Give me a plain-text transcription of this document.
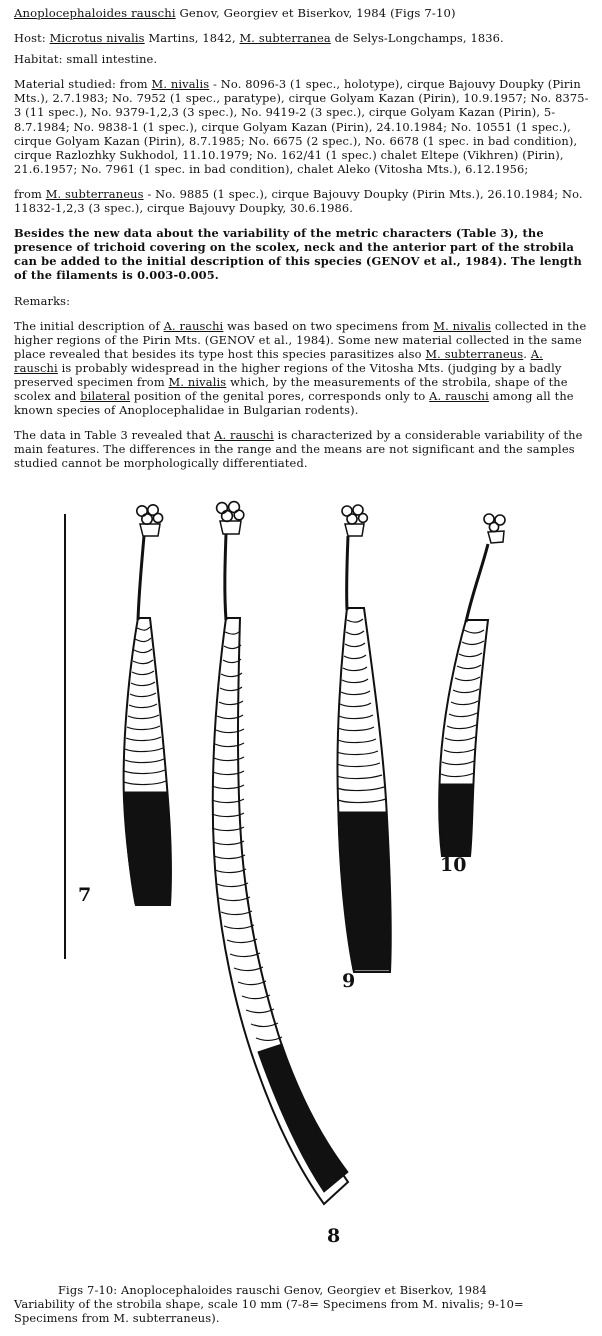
Anoplocephaloides rauschi Genov, Georgiev et Biserkov, 1984 (Figs 7-10)

Host: Microtus nivalis Martins, 1842, M. subterranea de Selys-Longchamps, 1836.

Habitat: small intestine.

Material studied: from M. nivalis - No. 8096-3 (1 spec., holotype), cirque Bajouvy Doupky (Pirin Mts.), 2.7.1983; No. 7952 (1 spec., paratype), cirque Golyam Kazan (Pirin), 10.9.1957; No. 8375-3 (11 spec.), No. 9379-1,2,3 (3 spec.), No. 9419-2 (3 spec.), cirque Golyam Kazan (Pirin), 5-8.7.1984; No. 9838-1 (1 spec.), cirque Golyam Kazan (Pirin), 24.10.1984; No. 10551 (1 spec.), cirque Golyam Kazan (Pirin), 8.7.1985; No. 6675 (2 spec.), No. 6678 (1 spec. in bad condition), cirque Razlozhky Sukhodol, 11.10.1979; No. 162/41 (1 spec.) chalet Eltepe (Vikhren) (Pirin), 21.6.1957; No. 7961 (1 spec. in bad condition), chalet Aleko (Vitosha Mts.), 6.12.1956;

from M. subterraneus - No. 9885 (1 spec.), cirque Bajouvy Doupky (Pirin Mts.), 26.10.1984; No. 11832-1,2,3 (3 spec.), cirque Bajouvy Doupky, 30.6.1986.

Besides the new data about the variability of the metric characters (Table 3), the presence of trichoid covering on the scolex, neck and the anterior part of the strobila can be added to the initial description of this species (GENOV et al., 1984). The length of the filaments is 0.003-0.005.

Remarks:

The initial description of A. rauschi was based on two specimens from M. nivalis collected in the higher regions of the Pirin Mts. (GENOV et al., 1984). Some new material collected in the same place revealed that besides its type host this species parasitizes also M. subterraneus. A. rauschi is probably widespread in the higher regions of the Vitosha Mts. (judging by a badly preserved specimen from M. nivalis which, by the measurements of the strobila, shape of the scolex and bilateral position of the genital pores, corresponds only to A. rauschi among all the known species of Anoplocephalidae in Bulgarian rodents).

The data in Table 3 revealed that A. rauschi is characterized by a considerable variability of the main features. The differences in the range and the means are not significant and the samples studied cannot be morphologically differentiated.

7
8
9
10

Figs 7-10: Anoplocephaloides rauschi Genov, Georgiev et Biserkov, 1984

Variability of the strobila shape, scale 10 mm (7-8= Specimens from M. nivalis; 9-10= Specimens from M. subterraneus).
